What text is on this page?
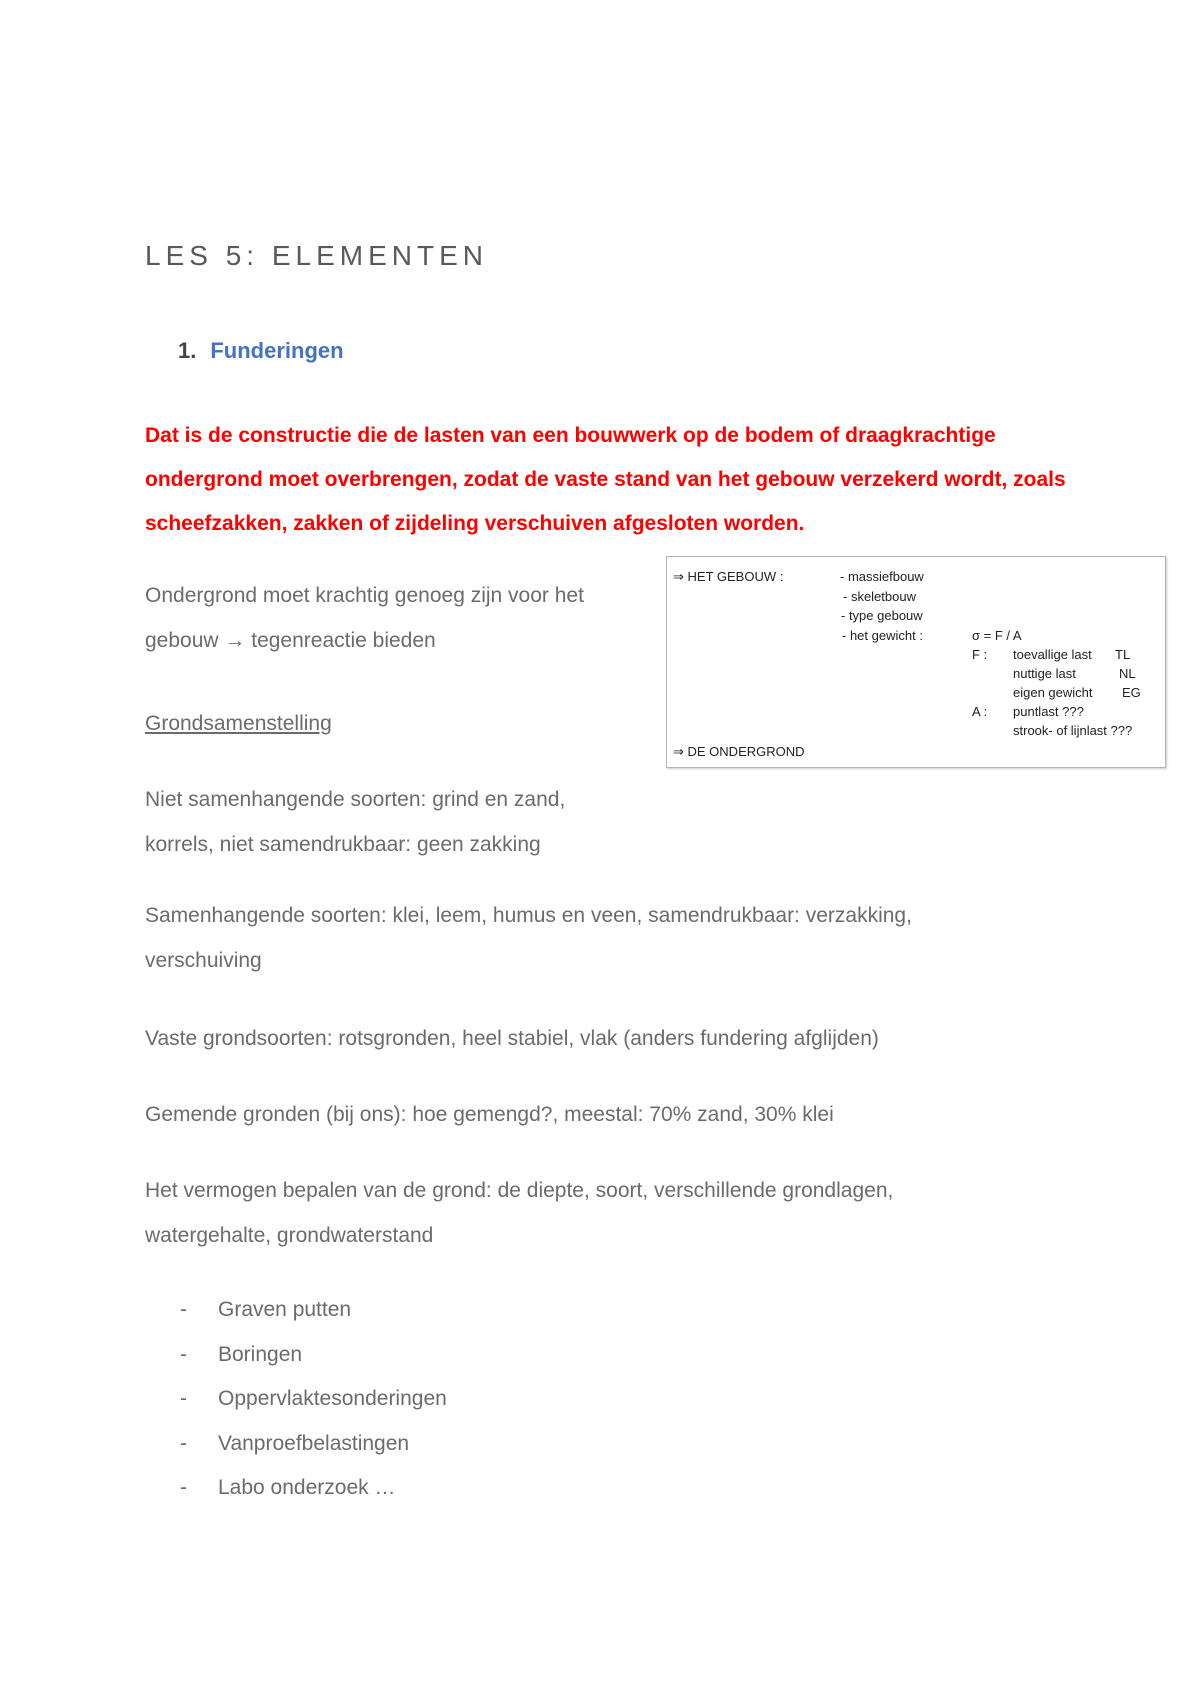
LES 5: ELEMENTEN
1. Funderingen
Dat is de constructie die de lasten van een bouwwerk op de bodem of draagkrachtige
ondergrond moet overbrengen, zodat de vaste stand van het gebouw verzekerd wordt, zoals
scheefzakken, zakken of zijdeling verschuiven afgesloten worden.
Ondergrond moet krachtig genoeg zijn voor het
gebouw → tegenreactie bieden
Grondsamenstelling
Niet samenhangende soorten: grind en zand,
korrels, niet samendrukbaar: geen zakking
Samenhangende soorten: klei, leem, humus en veen, samendrukbaar: verzakking,
verschuiving
Vaste grondsoorten: rotsgronden, heel stabiel, vlak (anders fundering afglijden)
Gemende gronden (bij ons): hoe gemengd?, meestal: 70% zand, 30% klei
Het vermogen bepalen van de grond: de diepte, soort, verschillende grondlagen,
watergehalte, grondwaterstand
-	Graven putten
-	Boringen
-	Oppervlaktesonderingen
-	Vanproefbelastingen
-	Labo onderzoek …
⇒ HET GEBOUW :	- massiefbouw
- skeletbouw
- type gebouw
- het gewicht :	σ = F / A
F : toevallige last TL
nuttige last	NL
eigen gewicht EG
A : puntlast ???
strook- of lijnlast ???
⇒ DE ONDERGROND
